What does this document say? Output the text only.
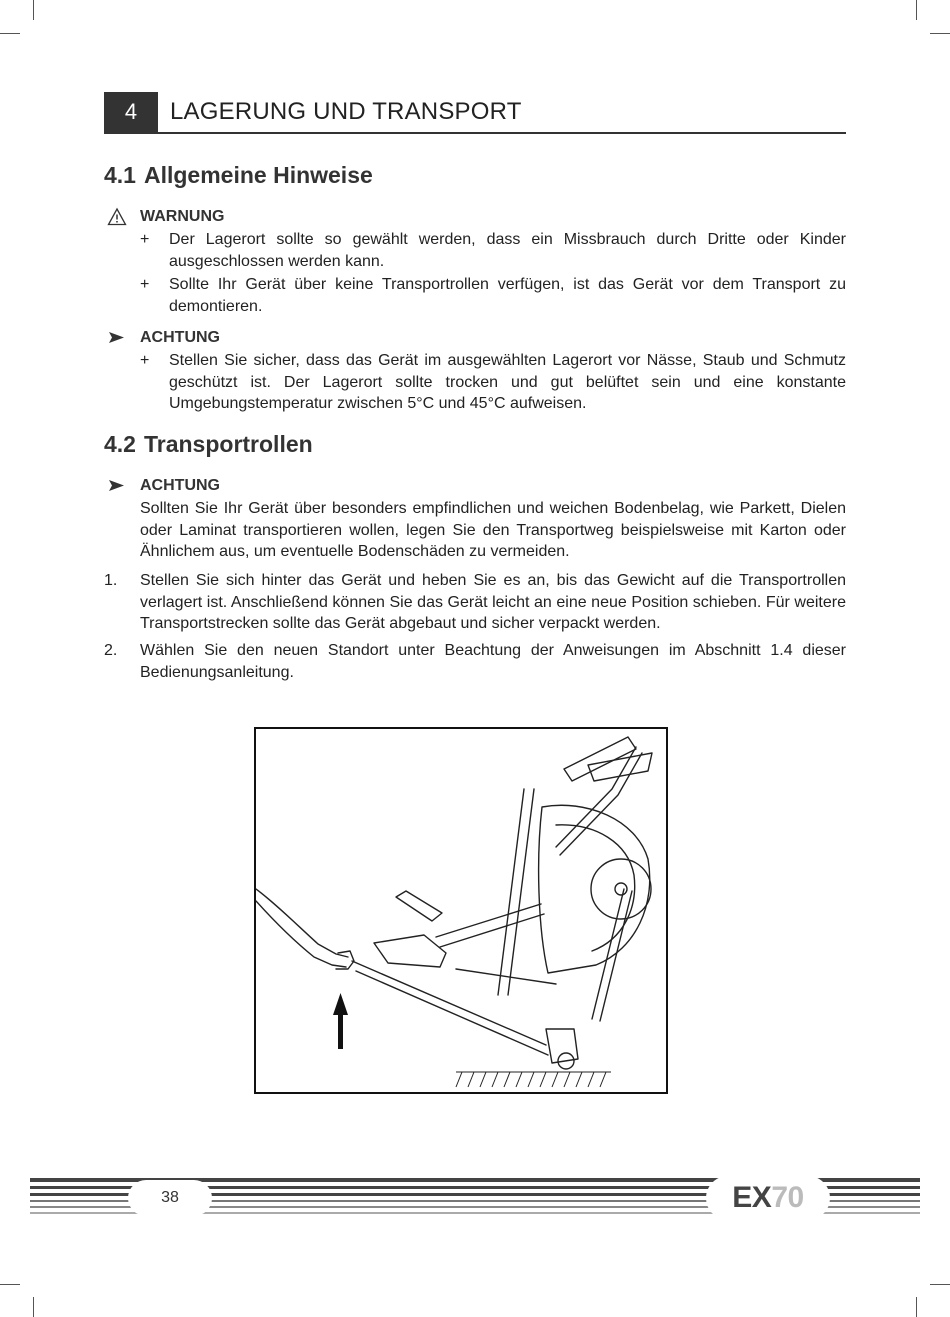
4	LAGERUNG UND TRANSPORT
4.1 Allgemeine Hinweise
WARNUNG
+ Der Lagerort sollte so gewählt werden, dass ein Missbrauch durch Dritte oder Kinder ausgeschlossen werden kann.
+ Sollte Ihr Gerät über keine Transportrollen verfügen, ist das Gerät vor dem Transport zu demontieren.
ACHTUNG
+ Stellen Sie sicher, dass das Gerät im ausgewählten Lagerort vor Nässe, Staub und Schmutz geschützt ist. Der Lagerort sollte trocken und gut belüftet sein und eine konstante Umgebungstemperatur zwischen 5°C und 45°C aufweisen.
4.2 Transportrollen
ACHTUNG
Sollten Sie Ihr Gerät über besonders empfindlichen und weichen Bodenbelag, wie Parkett, Dielen oder Laminat transportieren wollen, legen Sie den Transportweg beispielsweise mit Karton oder Ähnlichem aus, um eventuelle Bodenschäden zu vermeiden.
1. Stellen Sie sich hinter das Gerät und heben Sie es an, bis das Gewicht auf die Transportrollen verlagert ist. Anschließend können Sie das Gerät leicht an eine neue Position schieben. Für weitere Transportstrecken sollte das Gerät abgebaut und sicher verpackt werden.
2. Wählen Sie den neuen Standort unter Beachtung der Anweisungen im Abschnitt 1.4 dieser Bedienungsanleitung.
38	EX70
